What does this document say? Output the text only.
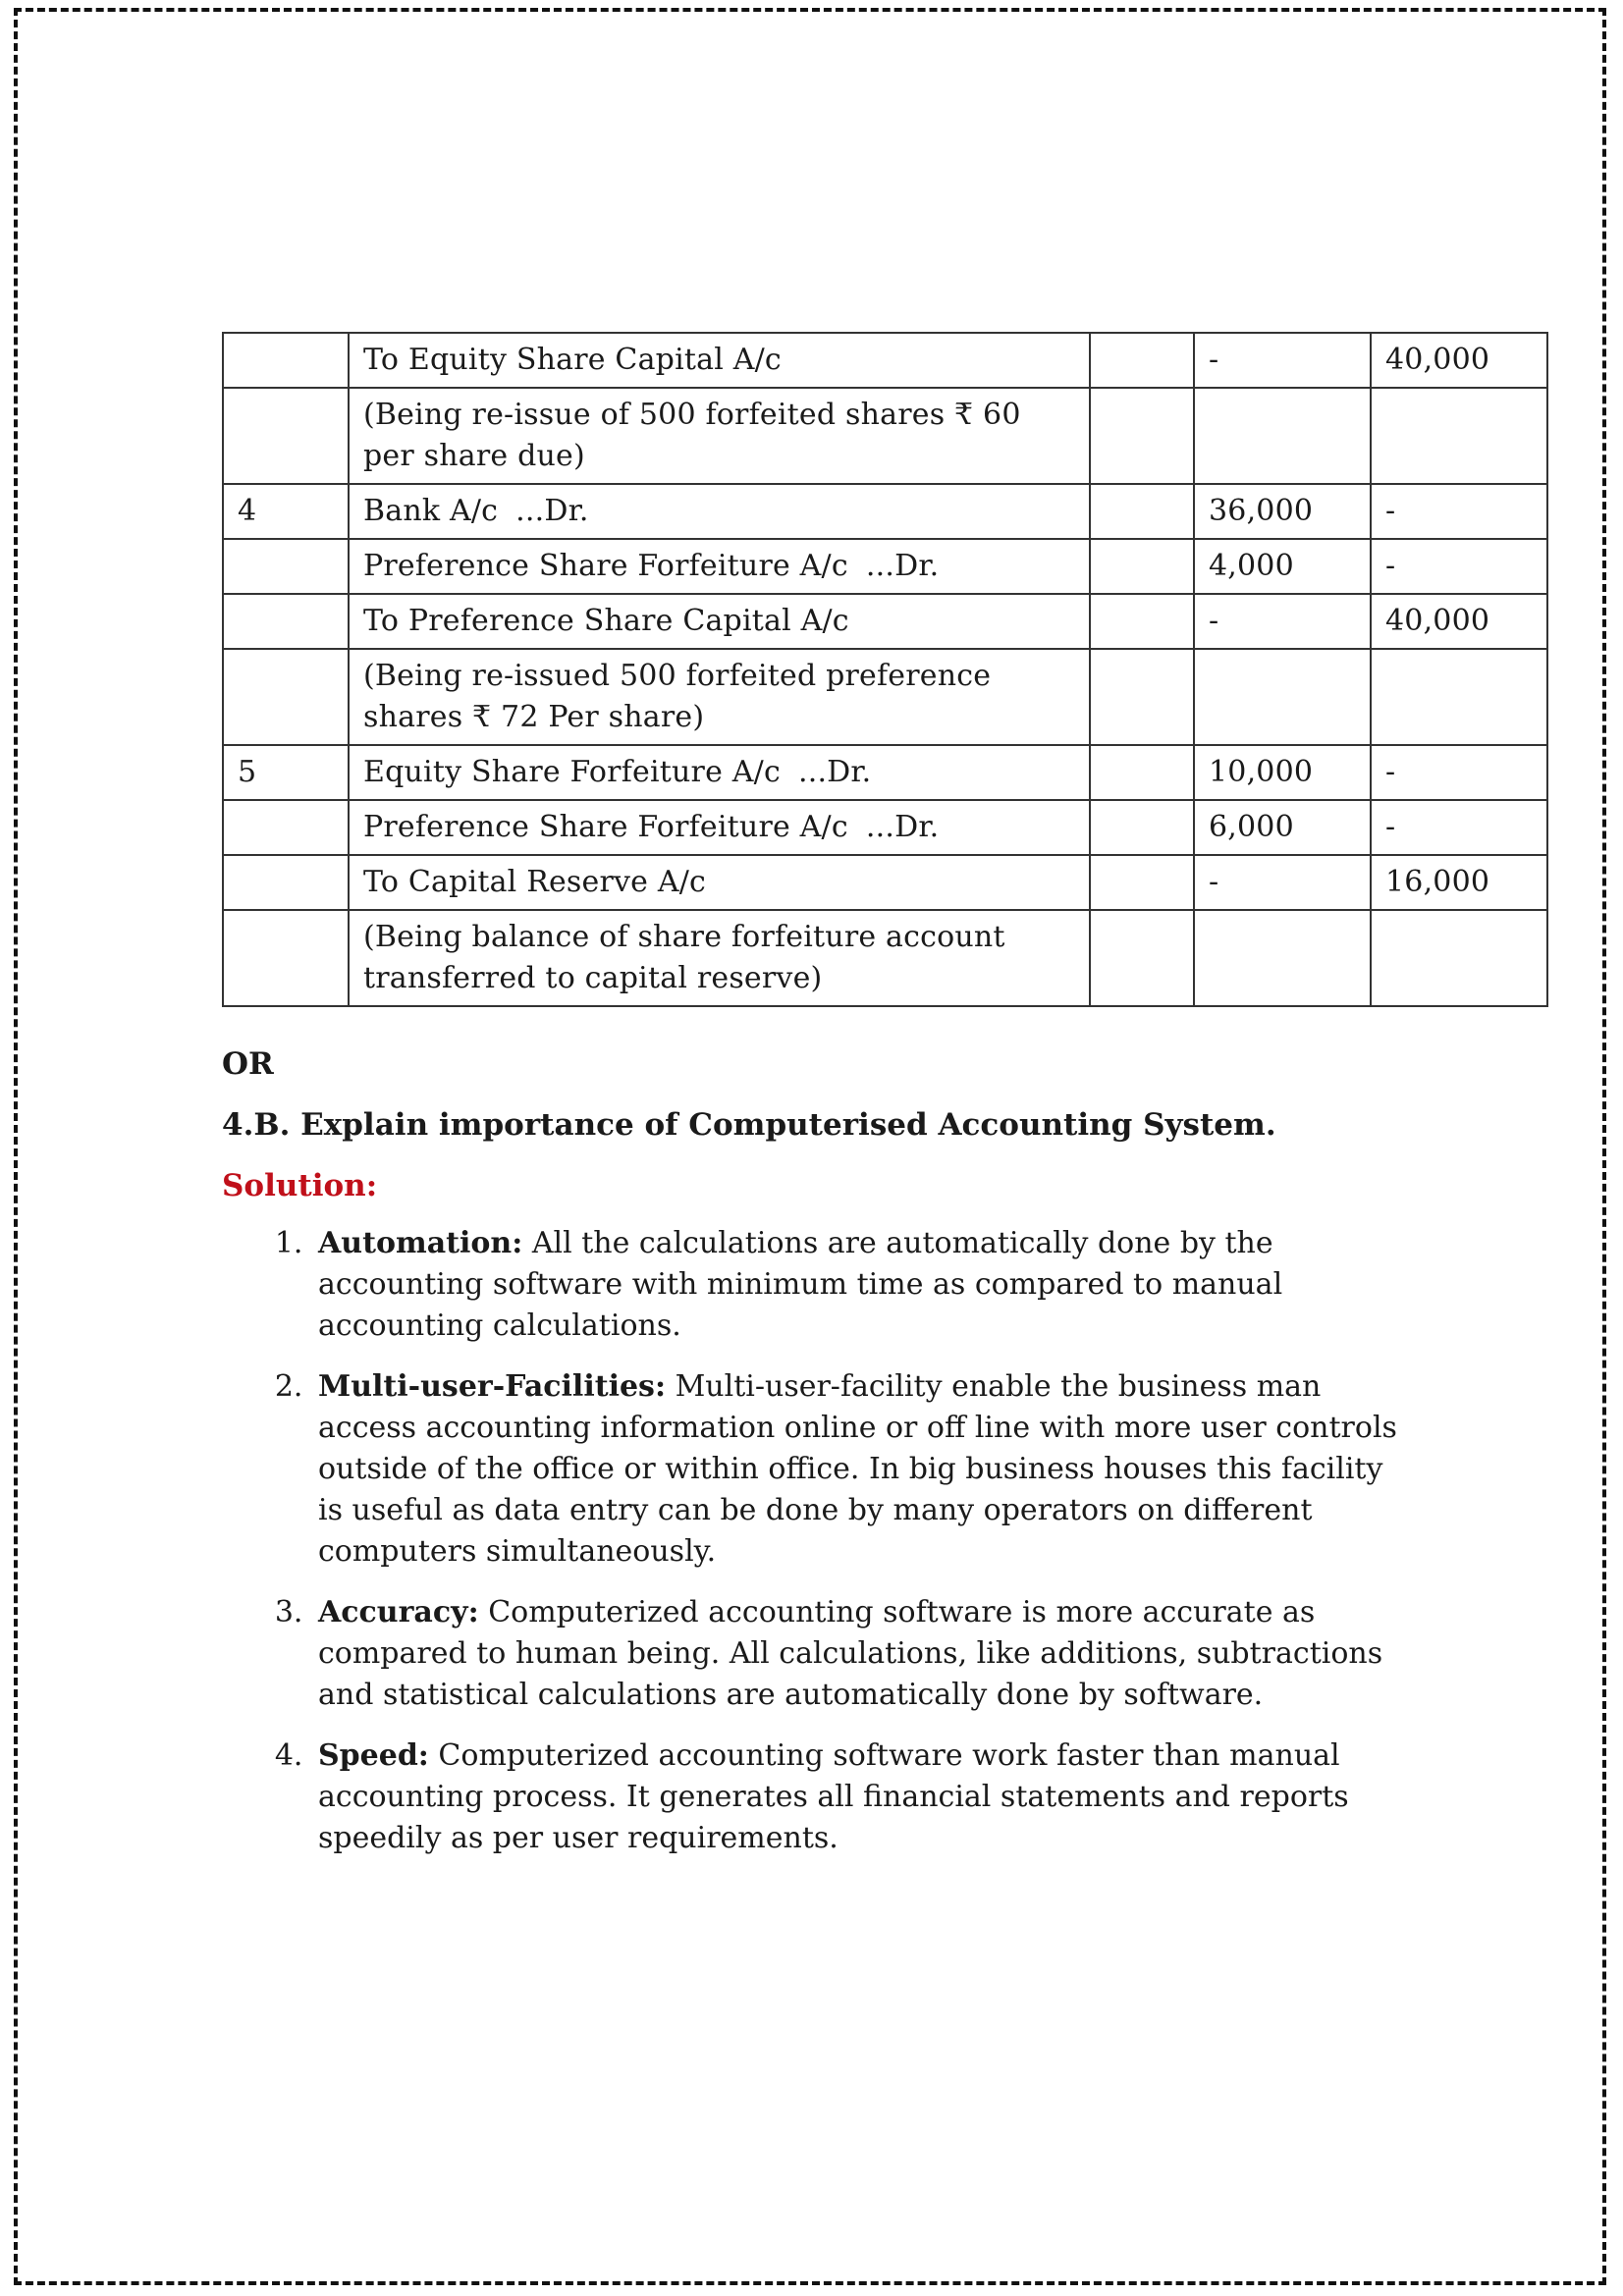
	To Equity Share Capital A/c		-	40,000
	(Being re-issue of 500 forfeited shares ₹ 60 per share due)			
4	Bank A/c ...Dr.		36,000	-
	Preference Share Forfeiture A/c ...Dr.		4,000	-
	To Preference Share Capital A/c		-	40,000
	(Being re-issued 500 forfeited preference shares ₹ 72 Per share)			
5	Equity Share Forfeiture A/c ...Dr.		10,000	-
	Preference Share Forfeiture A/c ...Dr.		6,000	-
	To Capital Reserve A/c		-	16,000
	(Being balance of share forfeiture account transferred to capital reserve)			
OR
4.B. Explain importance of Computerised Accounting System.
Solution:
1. Automation: All the calculations are automatically done by the accounting software with minimum time as compared to manual accounting calculations.
2. Multi-user-Facilities: Multi-user-facility enable the business man access accounting information online or off line with more user controls outside of the office or within office. In big business houses this facility is useful as data entry can be done by many operators on different computers simultaneously.
3. Accuracy: Computerized accounting software is more accurate as compared to human being. All calculations, like additions, subtractions and statistical calculations are automatically done by software.
4. Speed: Computerized accounting software work faster than manual accounting process. It generates all financial statements and reports speedily as per user requirements.
